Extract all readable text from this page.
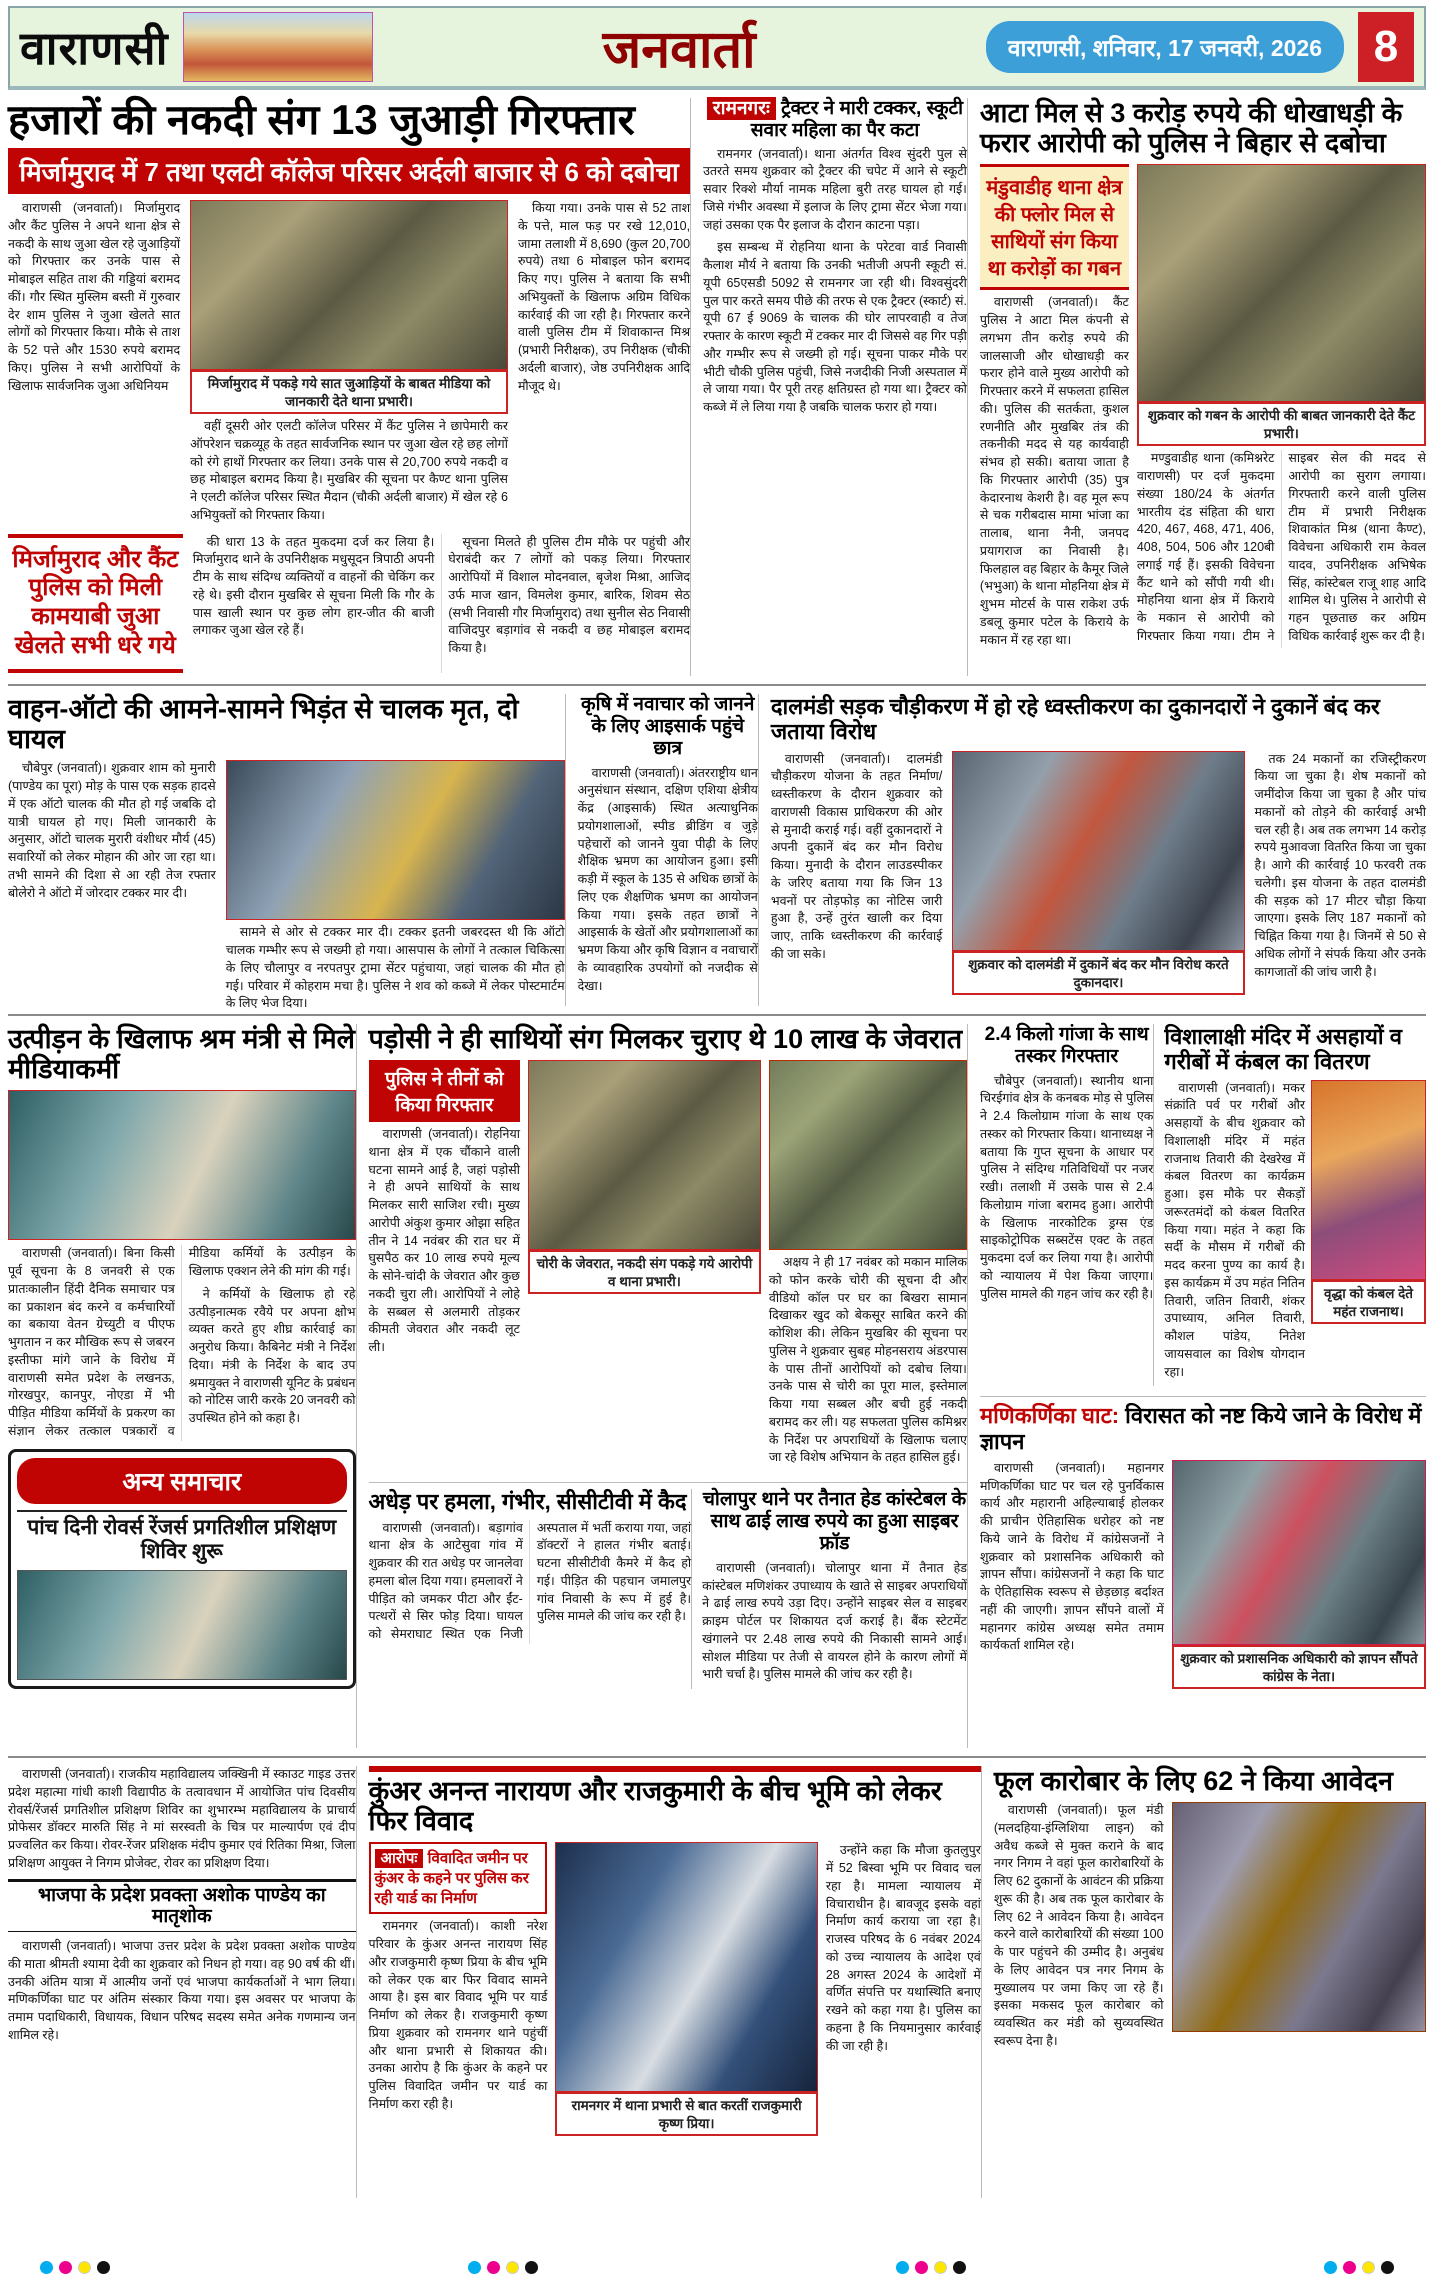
वाराणसी	जनवार्ता	वाराणसी, शनिवार, 17 जनवरी, 2026	8
हजारों की नकदी संग 13 जुआड़ी गिरफ्तार
मिर्जामुराद में 7 तथा एलटी कॉलेज परिसर अर्दली बाजार से 6 को दबोचा

वाराणसी (जनवार्ता)। मिर्जामुराद और कैंट पुलिस ने अपने थाना क्षेत्र से नकदी के साथ जुआ खेल रहे जुआड़ियों को गिरफ्तार कर उनके पास से मोबाइल सहित ताश की गड्डियां बरामद कीं। गौर स्थित मुस्लिम बस्ती में गुरुवार देर शाम पुलिस ने जुआ खेलते सात लोगों को गिरफ्तार किया। मौके से ताश के 52 पत्ते और 1530 रुपये बरामद किए। पुलिस ने सभी आरोपियों के खिलाफ सार्वजनिक जुआ अधिनियम	मिर्जामुराद में पकड़े गये सात जुआड़ियों के बाबत मीडिया को जानकारी देते थाना प्रभारी।

वहीं दूसरी ओर एलटी कॉलेज परिसर में कैंट पुलिस ने छापेमारी कर ऑपरेशन चक्रव्यूह के तहत सार्वजनिक स्थान पर जुआ खेल रहे छह लोगों को रंगे हाथों गिरफ्तार कर लिया। उनके पास से 20,700 रुपये नकदी व छह मोबाइल बरामद किया है। मुखबिर की सूचना पर कैण्ट थाना पुलिस ने एलटी कॉलेज परिसर स्थित मैदान (चौकी अर्दली बाजार) में खेल रहे 6 अभियुक्तों को गिरफ्तार किया।

किया गया। उनके पास से 52 ताश के पत्ते, माल फड़ पर रखे 12,010, जामा तलाशी में 8,690 (कुल 20,700 रुपये) तथा 6 मोबाइल फोन बरामद किए गए। पुलिस ने बताया कि सभी अभियुक्तों के खिलाफ अग्रिम विधिक कार्रवाई की जा रही है। गिरफ्तार करने वाली पुलिस टीम में शिवाकान्त मिश्र (प्रभारी निरीक्षक), उप निरीक्षक (चौकी अर्दली बाजार), जेष्ठ उपनिरीक्षक आदि मौजूद थे।

मिर्जामुराद और कैंट पुलिस को मिली कामयाबी जुआ खेलते सभी धरे गये

की धारा 13 के तहत मुकदमा दर्ज कर लिया है। मिर्जामुराद थाने के उपनिरीक्षक मधुसूदन त्रिपाठी अपनी टीम के साथ संदिग्ध व्यक्तियों व वाहनों की चेकिंग कर रहे थे। इसी दौरान मुखबिर से सूचना मिली कि गौर के पास खाली स्थान पर कुछ लोग हार-जीत की बाजी लगाकर जुआ खेल रहे हैं।

सूचना मिलते ही पुलिस टीम मौके पर पहुंची और घेराबंदी कर 7 लोगों को पकड़ लिया। गिरफ्तार आरोपियों में विशाल मोदनवाल, बृजेश मिश्रा, आजिद उर्फ माज खान, विमलेश कुमार, बारिक, शिवम सेठ (सभी निवासी गौर मिर्जामुराद) तथा सुनील सेठ निवासी वाजिदपुर बड़ागांव से नकदी व छह मोबाइल बरामद किया है।

रामनगरः ट्रैक्टर ने मारी टक्कर, स्कूटी सवार महिला का पैर कटा

रामनगर (जनवार्ता)। थाना अंतर्गत विश्व सुंदरी पुल से उतरते समय शुक्रवार को ट्रैक्टर की चपेट में आने से स्कूटी सवार रिक्शे मौर्या नामक महिला बुरी तरह घायल हो गई। जिसे गंभीर अवस्था में इलाज के लिए ट्रामा सेंटर भेजा गया। जहां उसका एक पैर इलाज के दौरान काटना पड़ा।

इस सम्बन्ध में रोहनिया थाना के परेटवा वार्ड निवासी कैलाश मौर्य ने बताया कि उनकी भतीजी अपनी स्कूटी सं. यूपी 65एसडी 5092 से रामनगर जा रही थी। विश्वसुंदरी पुल पार करते समय पीछे की तरफ से एक ट्रैक्टर (स्कार्ट) सं. यूपी 67 ई 9069 के चालक की घोर लापरवाही व तेज रफ्तार के कारण स्कूटी में टक्कर मार दी जिससे वह गिर पड़ी और गम्भीर रूप से जख्मी हो गई। सूचना पाकर मौके पर भीटी चौकी पुलिस पहुंची, जिसे नजदीकी निजी अस्पताल में ले जाया गया। पैर पूरी तरह क्षतिग्रस्त हो गया था। ट्रैक्टर को कब्जे में ले लिया गया है जबकि चालक फरार हो गया।

आटा मिल से 3 करोड़ रुपये की धोखाधड़ी के फरार आरोपी को पुलिस ने बिहार से दबोचा
मंडुवाडीह थाना क्षेत्र की फ्लोर मिल से साथियों संग किया था करोड़ों का गबन

वाराणसी (जनवार्ता)। कैंट पुलिस ने आटा मिल कंपनी से लगभग तीन करोड़ रुपये की जालसाजी और धोखाधड़ी कर फरार होने वाले मुख्य आरोपी को गिरफ्तार करने में सफलता हासिल की। पुलिस की सतर्कता, कुशल रणनीति और मुखबिर तंत्र की तकनीकी मदद से यह कार्यवाही संभव हो सकी। बताया जाता है कि गिरफ्तार आरोपी (35) पुत्र केदारनाथ केशरी है। वह मूल रूप से चक गरीबदास मामा भांजा का तालाब, थाना नैनी, जनपद प्रयागराज का निवासी है। फिलहाल वह बिहार के कैमूर जिले (भभुआ) के थाना मोहनिया क्षेत्र में शुभम मोटर्स के पास राकेश उर्फ डबलू कुमार पटेल के किराये के मकान में रह रहा था।

शुक्रवार को गबन के आरोपी की बाबत जानकारी देते कैंट प्रभारी।

मण्डुवाडीह थाना (कमिश्नरेट वाराणसी) पर दर्ज मुकदमा संख्या 180/24 के अंतर्गत भारतीय दंड संहिता की धारा 420, 467, 468, 471, 406, 408, 504, 506 और 120बी लगाई गई हैं। इसकी विवेचना कैंट थाने को सौंपी गयी थी। मोहनिया थाना क्षेत्र में किराये के मकान से आरोपी को गिरफ्तार किया गया। टीम ने साइबर सेल की मदद से आरोपी का सुराग लगाया। गिरफ्तारी करने वाली पुलिस टीम में प्रभारी निरीक्षक शिवाकांत मिश्र (थाना कैण्ट), विवेचना अधिकारी राम केवल यादव, उपनिरीक्षक अभिषेक सिंह, कांस्टेबल राजू शाह आदि शामिल थे। पुलिस ने आरोपी से गहन पूछताछ कर अग्रिम विधिक कार्रवाई शुरू कर दी है।

वाहन-ऑटो की आमने-सामने भिड़ंत से चालक मृत, दो घायल

चौबेपुर (जनवार्ता)। शुक्रवार शाम को मुनारी (पाण्डेय का पूरा) मोड़ के पास एक सड़क हादसे में एक ऑटो चालक की मौत हो गई जबकि दो यात्री घायल हो गए। मिली जानकारी के अनुसार, ऑटो चालक मुरारी वंशीधर मौर्य (45) सवारियों को लेकर मोहान की ओर जा रहा था। तभी सामने की दिशा से आ रही तेज रफ्तार बोलेरो ने ऑटो में जोरदार टक्कर मार दी।

सामने से ओर से टक्कर मार दी। टक्कर इतनी जबरदस्त थी कि ऑटो चालक गम्भीर रूप से जख्मी हो गया। आसपास के लोगों ने तत्काल चिकित्सा के लिए चौलापुर व नरपतपुर ट्रामा सेंटर पहुंचाया, जहां चालक की मौत हो गई। परिवार में कोहराम मचा है। पुलिस ने शव को कब्जे में लेकर पोस्टमार्टम के लिए भेज दिया।

कृषि में नवाचार को जानने के लिए आइसार्क पहुंचे छात्र

वाराणसी (जनवार्ता)। अंतरराष्ट्रीय धान अनुसंधान संस्थान, दक्षिण एशिया क्षेत्रीय केंद्र (आइसार्क) स्थित अत्याधुनिक प्रयोगशालाओं, स्पीड ब्रीडिंग व जुड़े पहेचारों को जानने युवा पीढ़ी के लिए शैक्षिक भ्रमण का आयोजन हुआ। इसी कड़ी में स्कूल के 135 से अधिक छात्रों के लिए एक शैक्षणिक भ्रमण का आयोजन किया गया। इसके तहत छात्रों ने आइसार्क के खेतों और प्रयोगशालाओं का भ्रमण किया और कृषि विज्ञान व नवाचारों के व्यावहारिक उपयोगों को नजदीक से देखा।

दालमंडी सड़क चौड़ीकरण में हो रहे ध्वस्तीकरण का दुकानदारों ने दुकानें बंद कर जताया विरोध

वाराणसी (जनवार्ता)। दालमंडी चौड़ीकरण योजना के तहत निर्माण/ध्वस्तीकरण के दौरान शुक्रवार को वाराणसी विकास प्राधिकरण की ओर से मुनादी कराई गई। वहीं दुकानदारों ने अपनी दुकानें बंद कर मौन विरोध किया। मुनादी के दौरान लाउडस्पीकर के जरिए बताया गया कि जिन 13 भवनों पर तोड़फोड़ का नोटिस जारी हुआ है, उन्हें तुरंत खाली कर दिया जाए, ताकि ध्वस्तीकरण की कार्रवाई की जा सके।

शुक्रवार को दालमंडी में दुकानें बंद कर मौन विरोध करते दुकानदार।

तक 24 मकानों का रजिस्ट्रीकरण किया जा चुका है। शेष मकानों को जमींदोज किया जा चुका है और पांच मकानों को तोड़ने की कार्रवाई अभी चल रही है। अब तक लगभग 14 करोड़ रुपये मुआवजा वितरित किया जा चुका है। आगे की कार्रवाई 10 फरवरी तक चलेगी। इस योजना के तहत दालमंडी की सड़क को 17 मीटर चौड़ा किया जाएगा। इसके लिए 187 मकानों को चिह्नित किया गया है। जिनमें से 50 से अधिक लोगों ने संपर्क किया और उनके कागजातों की जांच जारी है।

उत्पीड़न के खिलाफ श्रम मंत्री से मिले मीडियाकर्मी

वाराणसी (जनवार्ता)। बिना किसी पूर्व सूचना के 8 जनवरी से एक प्रातःकालीन हिंदी दैनिक समाचार पत्र का प्रकाशन बंद करने व कर्मचारियों का बकाया वेतन ग्रेच्युटी व पीएफ भुगतान न कर मौखिक रूप से जबरन इस्तीफा मांगे जाने के विरोध में वाराणसी समेत प्रदेश के लखनऊ, गोरखपुर, कानपुर, नोएडा में भी पीड़ित मीडिया कर्मियों के प्रकरण का संज्ञान लेकर तत्काल पत्रकारों व मीडिया कर्मियों के उत्पीड़न के खिलाफ एक्शन लेने की मांग की गई।

ने कर्मियों के खिलाफ हो रहे उत्पीड़नात्मक रवैये पर अपना क्षोभ व्यक्त करते हुए शीघ्र कार्रवाई का अनुरोध किया। कैबिनेट मंत्री ने निर्देश दिया। मंत्री के निर्देश के बाद उप श्रमायुक्त ने वाराणसी यूनिट के प्रबंधन को नोटिस जारी करके 20 जनवरी को उपस्थित होने को कहा है।

अन्य समाचार
पांच दिनी रोवर्स रेंजर्स प्रगतिशील प्रशिक्षण शिविर शुरू
पड़ोसी ने ही साथियों संग मिलकर चुराए थे 10 लाख के जेवरात
पुलिस ने तीनों को किया गिरफ्तार

वाराणसी (जनवार्ता)। रोहनिया थाना क्षेत्र में एक चौंकाने वाली घटना सामने आई है, जहां पड़ोसी ने ही अपने साथियों के साथ मिलकर सारी साजिश रची। मुख्य आरोपी अंकुश कुमार ओझा सहित तीन ने 14 नवंबर की रात घर में घुसपैठ कर 10 लाख रुपये मूल्य के सोने-चांदी के जेवरात और कुछ नकदी चुरा ली। आरोपियों ने लोहे के सब्बल से अलमारी तोड़कर कीमती जेवरात और नकदी लूट ली।

चोरी के जेवरात, नकदी संग पकड़े गये आरोपी व थाना प्रभारी।

अक्षय ने ही 17 नवंबर को मकान मालिक को फोन करके चोरी की सूचना दी और वीडियो कॉल पर घर का बिखरा सामान दिखाकर खुद को बेकसूर साबित करने की कोशिश की। लेकिन मुखबिर की सूचना पर पुलिस ने शुक्रवार सुबह मोहनसराय अंडरपास के पास तीनों आरोपियों को दबोच लिया। उनके पास से चोरी का पूरा माल, इस्तेमाल किया गया सब्बल और बची हुई नकदी बरामद कर ली। यह सफलता पुलिस कमिश्नर के निर्देश पर अपराधियों के खिलाफ चलाए जा रहे विशेष अभियान के तहत हासिल हुई।

अधेड़ पर हमला, गंभीर, सीसीटीवी में कैद

वाराणसी (जनवार्ता)। बड़ागांव थाना क्षेत्र के आटेसुवा गांव में शुक्रवार की रात अधेड़ पर जानलेवा हमला बोल दिया गया। हमलावरों ने पीड़ित को जमकर पीटा और ईंट-पत्थरों से सिर फोड़ दिया। घायल को सेमराघाट स्थित एक निजी अस्पताल में भर्ती कराया गया, जहां डॉक्टरों ने हालत गंभीर बताई। घटना सीसीटीवी कैमरे में कैद हो गई। पीड़ित की पहचान जमालपुर गांव निवासी के रूप में हुई है। पुलिस मामले की जांच कर रही है।

चोलापुर थाने पर तैनात हेड कांस्टेबल के साथ ढाई लाख रुपये का हुआ साइबर फ्रॉड

वाराणसी (जनवार्ता)। चोलापुर थाना में तैनात हेड कांस्टेबल मणिशंकर उपाध्याय के खाते से साइबर अपराधियों ने ढाई लाख रुपये उड़ा दिए। उन्होंने साइबर सेल व साइबर क्राइम पोर्टल पर शिकायत दर्ज कराई है। बैंक स्टेटमेंट खंगालने पर 2.48 लाख रुपये की निकासी सामने आई। सोशल मीडिया पर तेजी से वायरल होने के कारण लोगों में भारी चर्चा है। पुलिस मामले की जांच कर रही है।

2.4 किलो गांजा के साथ तस्कर गिरफ्तार

चौबेपुर (जनवार्ता)। स्थानीय थाना चिरईगांव क्षेत्र के कनबक मोड़ से पुलिस ने 2.4 किलोग्राम गांजा के साथ एक तस्कर को गिरफ्तार किया। थानाध्यक्ष ने बताया कि गुप्त सूचना के आधार पर पुलिस ने संदिग्ध गतिविधियों पर नजर रखी। तलाशी में उसके पास से 2.4 किलोग्राम गांजा बरामद हुआ। आरोपी के खिलाफ नारकोटिक ड्रग्स एंड साइकोट्रोपिक सब्सटेंस एक्ट के तहत मुकदमा दर्ज कर लिया गया है। आरोपी को न्यायालय में पेश किया जाएगा। पुलिस मामले की गहन जांच कर रही है।

विशालाक्षी मंदिर में असहायों व गरीबों में कंबल का वितरण

वाराणसी (जनवार्ता)। मकर संक्रांति पर्व पर गरीबों और असहायों के बीच शुक्रवार को विशालाक्षी मंदिर में महंत राजनाथ तिवारी की देखरेख में कंबल वितरण का कार्यक्रम हुआ। इस मौके पर सैकड़ों जरूरतमंदों को कंबल वितरित किया गया। महंत ने कहा कि सर्दी के मौसम में गरीबों की मदद करना पुण्य का कार्य है। इस कार्यक्रम में उप महंत नितिन तिवारी, जतिन तिवारी, शंकर उपाध्याय, अनिल तिवारी, कौशल पांडेय, नितेश जायसवाल का विशेष योगदान रहा।

वृद्धा को कंबल देते महंत राजनाथ।
मणिकर्णिका घाट: विरासत को नष्ट किये जाने के विरोध में ज्ञापन

वाराणसी (जनवार्ता)। महानगर मणिकर्णिका घाट पर चल रहे पुनर्विकास कार्य और महारानी अहिल्याबाई होलकर की प्राचीन ऐतिहासिक धरोहर को नष्ट किये जाने के विरोध में कांग्रेसजनों ने शुक्रवार को प्रशासनिक अधिकारी को ज्ञापन सौंपा। कांग्रेसजनों ने कहा कि घाट के ऐतिहासिक स्वरूप से छेड़छाड़ बर्दाश्त नहीं की जाएगी। ज्ञापन सौंपने वालों में महानगर कांग्रेस अध्यक्ष समेत तमाम कार्यकर्ता शामिल रहे।

शुक्रवार को प्रशासनिक अधिकारी को ज्ञापन सौंपते कांग्रेस के नेता।

वाराणसी (जनवार्ता)। राजकीय महाविद्यालय जक्खिनी में स्काउट गाइड उत्तर प्रदेश महात्मा गांधी काशी विद्यापीठ के तत्वावधान में आयोजित पांच दिवसीय रोवर्स/रेंजर्स प्रगतिशील प्रशिक्षण शिविर का शुभारम्भ महाविद्यालय के प्राचार्य प्रोफेसर डॉक्टर मारुति सिंह ने मां सरस्वती के चित्र पर माल्यार्पण एवं दीप प्रज्वलित कर किया। रोवर-रेंजर प्रशिक्षक मंदीप कुमार एवं रितिका मिश्रा, जिला प्रशिक्षण आयुक्त ने निगम प्रोजेक्ट, रोवर का प्रशिक्षण दिया।

भाजपा के प्रदेश प्रवक्ता अशोक पाण्डेय का मातृशोक

वाराणसी (जनवार्ता)। भाजपा उत्तर प्रदेश के प्रदेश प्रवक्ता अशोक पाण्डेय की माता श्रीमती श्यामा देवी का शुक्रवार को निधन हो गया। वह 90 वर्ष की थीं। उनकी अंतिम यात्रा में आत्मीय जनों एवं भाजपा कार्यकर्ताओं ने भाग लिया। मणिकर्णिका घाट पर अंतिम संस्कार किया गया। इस अवसर पर भाजपा के तमाम पदाधिकारी, विधायक, विधान परिषद सदस्य समेत अनेक गणमान्य जन शामिल रहे।

कुंअर अनन्त नारायण और राजकुमारी के बीच भूमि को लेकर फिर विवाद
आरोपः विवादित जमीन पर कुंअर के कहने पर पुलिस कर रही यार्ड का निर्माण

रामनगर (जनवार्ता)। काशी नरेश परिवार के कुंअर अनन्त नारायण सिंह और राजकुमारी कृष्ण प्रिया के बीच भूमि को लेकर एक बार फिर विवाद सामने आया है। इस बार विवाद भूमि पर यार्ड निर्माण को लेकर है। राजकुमारी कृष्ण प्रिया शुक्रवार को रामनगर थाने पहुंचीं और थाना प्रभारी से शिकायत की। उनका आरोप है कि कुंअर के कहने पर पुलिस विवादित जमीन पर यार्ड का निर्माण करा रही है।	रामनगर में थाना प्रभारी से बात करतीं राजकुमारी कृष्ण प्रिया।

उन्होंने कहा कि मौजा कुतलुपुर में 52 बिस्वा भूमि पर विवाद चल रहा है। मामला न्यायालय में विचाराधीन है। बावजूद इसके वहां निर्माण कार्य कराया जा रहा है। राजस्व परिषद के 6 नवंबर 2024 को उच्च न्यायालय के आदेश एवं 28 अगस्त 2024 के आदेशों में वर्णित संपत्ति पर यथास्थिति बनाए रखने को कहा गया है। पुलिस का कहना है कि नियमानुसार कार्रवाई की जा रही है।

फूल कारोबार के लिए 62 ने किया आवेदन

वाराणसी (जनवार्ता)। फूल मंडी (मलदहिया-इंग्लिशिया लाइन) को अवैध कब्जे से मुक्त कराने के बाद नगर निगम ने वहां फूल कारोबारियों के लिए 62 दुकानों के आवंटन की प्रक्रिया शुरू की है। अब तक फूल कारोबार के लिए 62 ने आवेदन किया है। आवेदन करने वाले कारोबारियों की संख्या 100 के पार पहुंचने की उम्मीद है। अनुबंध के लिए आवेदन पत्र नगर निगम के मुख्यालय पर जमा किए जा रहे हैं। इसका मकसद फूल कारोबार को व्यवस्थित कर मंडी को सुव्यवस्थित स्वरूप देना है।
